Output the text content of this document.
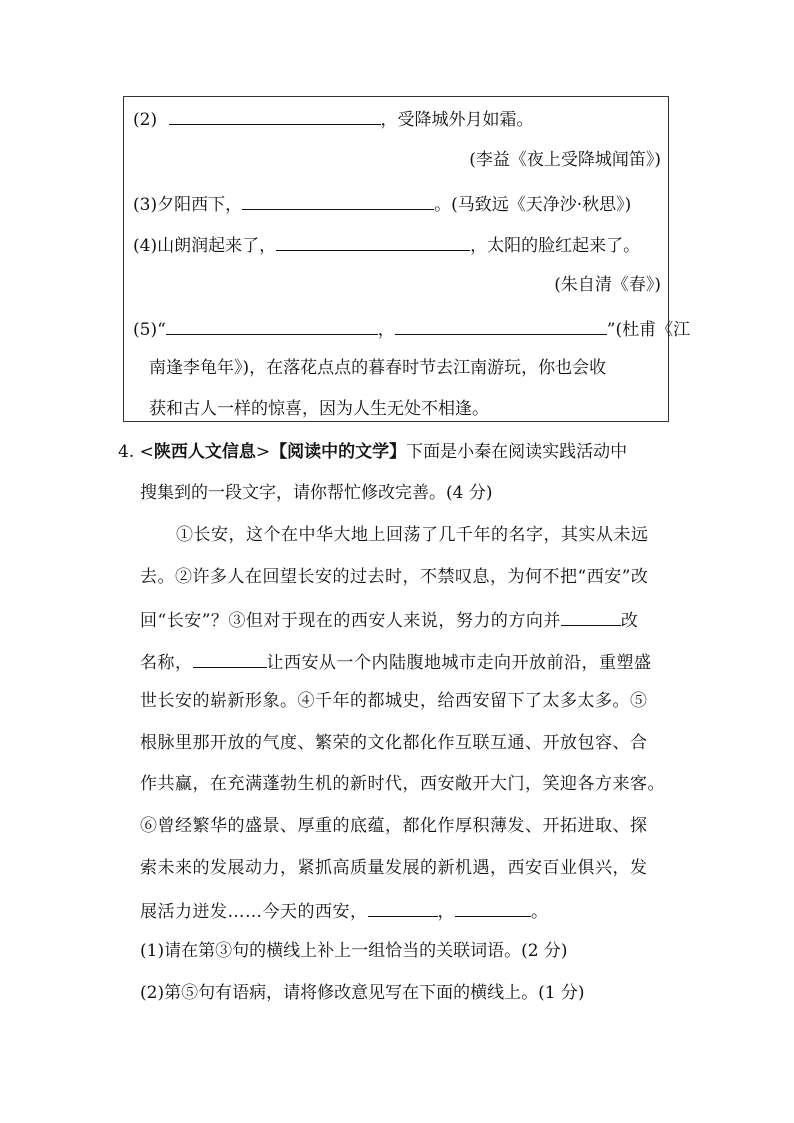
(2)	，受降城外月如霜。
(李益《夜上受降城闻笛》)
(3)夕阳西下，	。(马致远《天净沙·秋思》)
(4)山朗润起来了，	，太阳的脸红起来了。
(朱自清《春》)
(5)“	，	”(杜甫《江
南逢李龟年》)，在落花点点的暮春时节去江南游玩，你也会收
获和古人一样的惊喜，因为人生无处不相逢。
4. <陕西人文信息>【阅读中的文学】下面是小秦在阅读实践活动中
搜集到的一段文字，请你帮忙修改完善。(4 分)
①长安，这个在中华大地上回荡了几千年的名字，其实从未远
去。②许多人在回望长安的过去时，不禁叹息，为何不把“西安”改
回“长安”？③但对于现在的西安人来说，努力的方向并	改
名称，	让西安从一个内陆腹地城市走向开放前沿，重塑盛
世长安的崭新形象。④千年的都城史，给西安留下了太多太多。⑤
根脉里那开放的气度、繁荣的文化都化作互联互通、开放包容、合
作共赢，在充满蓬勃生机的新时代，西安敞开大门，笑迎各方来客。
⑥曾经繁华的盛景、厚重的底蕴，都化作厚积薄发、开拓进取、探
索未来的发展动力，紧抓高质量发展的新机遇，西安百业俱兴，发
展活力迸发……今天的西安，	，	。
(1)请在第③句的横线上补上一组恰当的关联词语。(2 分)
(2)第⑤句有语病，请将修改意见写在下面的横线上。(1 分)
